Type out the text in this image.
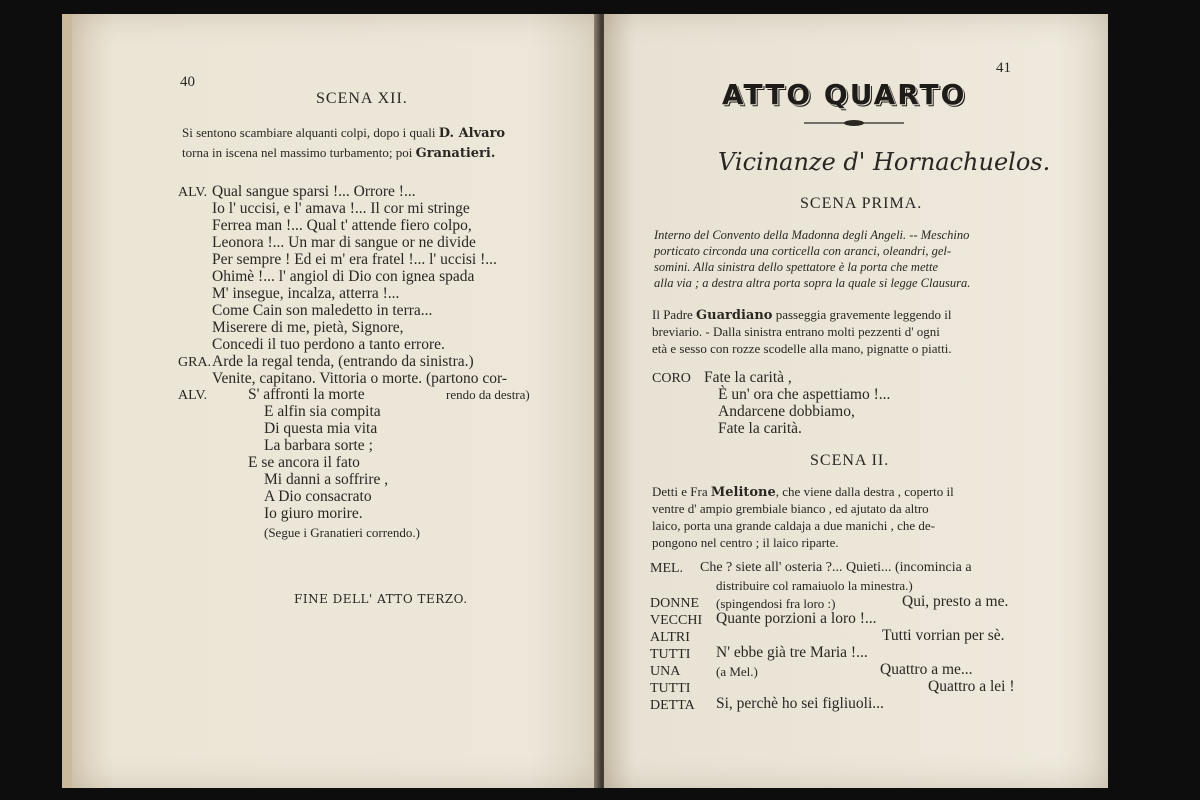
40
SCENA XII.
Si sentono scambiare alquanti colpi, dopo i quali D. Alvaro
torna in iscena nel massimo turbamento; poi Granatieri.
ALV. Qual sangue sparsi !... Orrore !...
Io l' uccisi, e l' amava !... Il cor mi stringe
Ferrea man !... Qual t' attende fiero colpo,
Leonora !... Un mar di sangue or ne divide
Per sempre ! Ed ei m' era fratel !... l' uccisi !...
Ohimè !... l' angiol di Dio con ignea spada
M' insegue, incalza, atterra !...
Come Cain son maledetto in terra...
Miserere di me, pietà, Signore,
Concedi il tuo perdono a tanto errore.
GRA. Arde la regal tenda, (entrando da sinistra.)
Venite, capitano. Vittoria o morte. (partono cor-
ALV.	S' affronti la morte	rendo da destra)
E alfin sia compita
Di questa mia vita
La barbara sorte ;
E se ancora il fato
Mi danni a soffrire ,
A Dio consacrato
Io giuro morire.
(Segue i Granatieri correndo.)
FINE DELL' ATTO TERZO.
41
ATTO QUARTO
Vicinanze d' Hornachuelos.
SCENA PRIMA.
Interno del Convento della Madonna degli Angeli. -- Meschino
porticato circonda una corticella con aranci, oleandri, gel-
somini. Alla sinistra dello spettatore è la porta che mette
alla via ; a destra altra porta sopra la quale si legge Clausura.
Il Padre Guardiano passeggia gravemente leggendo il
breviario. - Dalla sinistra entrano molti pezzenti d' ogni
età e sesso con rozze scodelle alla mano, pignatte o piatti.
CORO Fate la carità ,
È un' ora che aspettiamo !...
Andarcene dobbiamo,
Fate la carità.
SCENA II.
Detti e Fra Melitone, che viene dalla destra , coperto il
ventre d' ampio grembiale bianco , ed ajutato da altro
laico, porta una grande caldaja a due manichi , che de-
pongono nel centro ; il laico riparte.
MEL. Che ? siete all' osteria ?... Quieti... (incomincia a
distribuire col ramaiuolo la minestra.)
DONNE (spingendosi fra loro :)	Qui, presto a me.
VECCHI Quante porzioni a loro !...
ALTRI	Tutti vorrian per sè.
TUTTI N' ebbe già tre Maria !...
UNA	(a Mel.)	Quattro a me...
TUTTI	Quattro a lei !
DETTA Si, perchè ho sei figliuoli...
